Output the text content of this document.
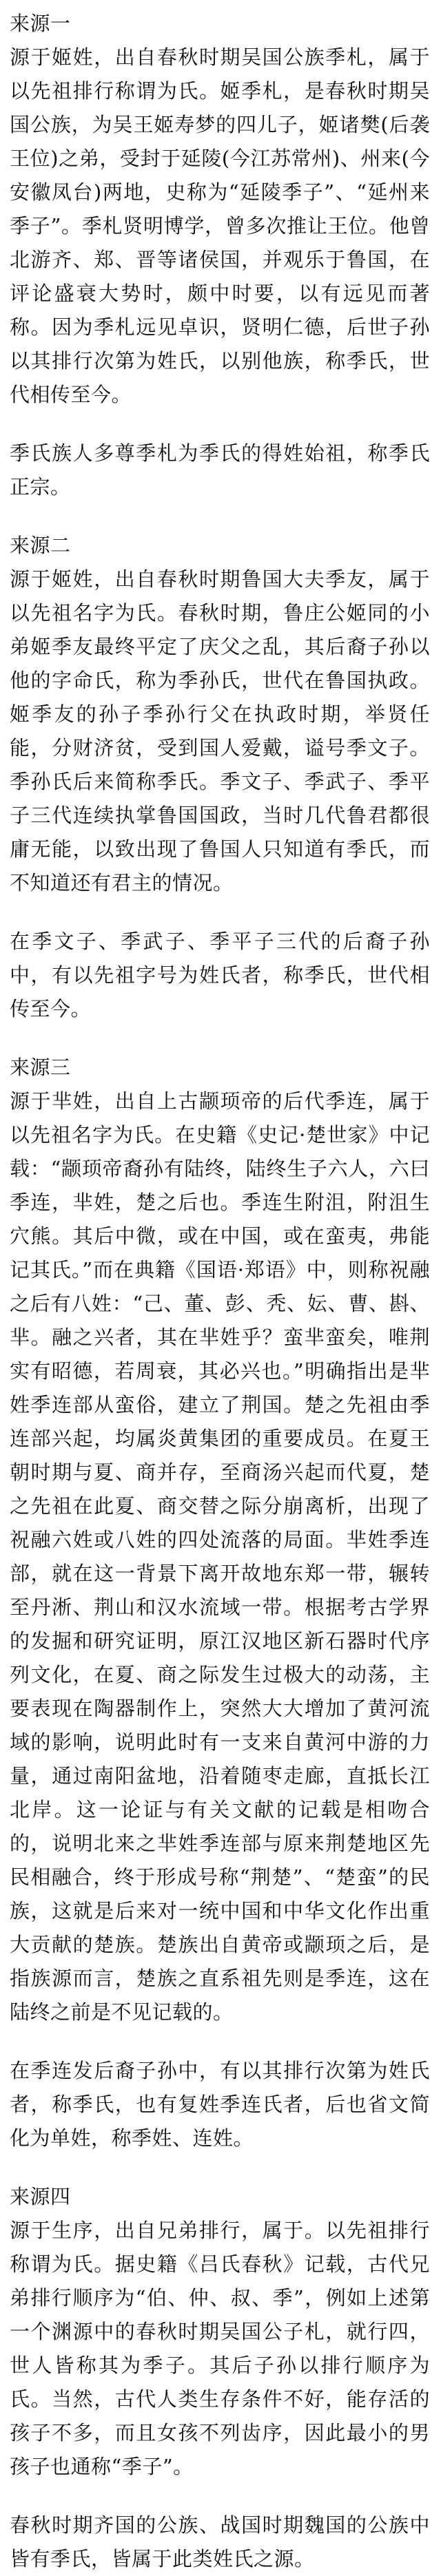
来源一

源于姬姓，出自春秋时期吴国公族季札，属于以先祖排行称谓为氏。姬季札，是春秋时期吴国公族，为吴王姬寿梦的四儿子，姬诸樊(后袭王位)之弟，受封于延陵(今江苏常州)、州来(今安徽凤台)两地，史称为“延陵季子”、“延州来季子”。季札贤明博学，曾多次推让王位。他曾北游齐、郑、晋等诸侯国，并观乐于鲁国，在评论盛衰大势时，颇中时要，以有远见而著称。因为季札远见卓识，贤明仁德，后世子孙以其排行次第为姓氏，以别他族，称季氏，世代相传至今。

季氏族人多尊季札为季氏的得姓始祖，称季氏正宗。

来源二

源于姬姓，出自春秋时期鲁国大夫季友，属于以先祖名字为氏。春秋时期，鲁庄公姬同的小弟姬季友最终平定了庆父之乱，其后裔子孙以他的字命氏，称为季孙氏，世代在鲁国执政。姬季友的孙子季孙行父在执政时期，举贤任能，分财济贫，受到国人爱戴，谥号季文子。季孙氏后来简称季氏。季文子、季武子、季平子三代连续执掌鲁国国政，当时几代鲁君都很庸无能，以致出现了鲁国人只知道有季氏，而不知道还有君主的情况。

在季文子、季武子、季平子三代的后裔子孙中，有以先祖字号为姓氏者，称季氏，世代相传至今。

来源三

源于芈姓，出自上古颛顼帝的后代季连，属于以先祖名字为氏。在史籍《史记·楚世家》中记载：“颛顼帝裔孙有陆终，陆终生子六人，六曰季连，芈姓，楚之后也。季连生附沮，附沮生穴熊。其后中微，或在中国，或在蛮夷，弗能记其氏。”而在典籍《国语·郑语》中，则称祝融之后有八姓：“己、董、彭、秃、妘、曹、斟、芈。融之兴者，其在芈姓乎？蛮芈蛮矣，唯荆实有昭德，若周衰，其必兴也。”明确指出是芈姓季连部从蛮俗，建立了荆国。楚之先祖由季连部兴起，均属炎黄集团的重要成员。在夏王朝时期与夏、商并存，至商汤兴起而代夏，楚之先祖在此夏、商交替之际分崩离析，出现了祝融六姓或八姓的四处流落的局面。芈姓季连部，就在这一背景下离开故地东郑一带，辗转至丹淅、荆山和汉水流域一带。根据考古学界的发掘和研究证明，原江汉地区新石器时代序列文化，在夏、商之际发生过极大的动荡，主要表现在陶器制作上，突然大大增加了黄河流域的影响，说明此时有一支来自黄河中游的力量，通过南阳盆地，沿着随枣走廊，直抵长江北岸。这一论证与有关文献的记载是相吻合的，说明北来之芈姓季连部与原来荆楚地区先民相融合，终于形成号称“荆楚”、“楚蛮”的民族，这就是后来对一统中国和中华文化作出重大贡献的楚族。楚族出自黄帝或颛顼之后，是指族源而言，楚族之直系祖先则是季连，这在陆终之前是不见记载的。

在季连发后裔子孙中，有以其排行次第为姓氏者，称季氏，也有复姓季连氏者，后也省文简化为单姓，称季姓、连姓。

来源四

源于生序，出自兄弟排行，属于。以先祖排行称谓为氏。据史籍《吕氏春秋》记载，古代兄弟排行顺序为“伯、仲、叔、季”，例如上述第一个渊源中的春秋时期吴国公子札，就行四，世人皆称其为季子。其后子孙以排行顺序为氏。当然，古代人类生存条件不好，能存活的孩子不多，而且女孩不列齿序，因此最小的男孩子也通称“季子”。

春秋时期齐国的公族、战国时期魏国的公族中皆有季氏，皆属于此类姓氏之源。
